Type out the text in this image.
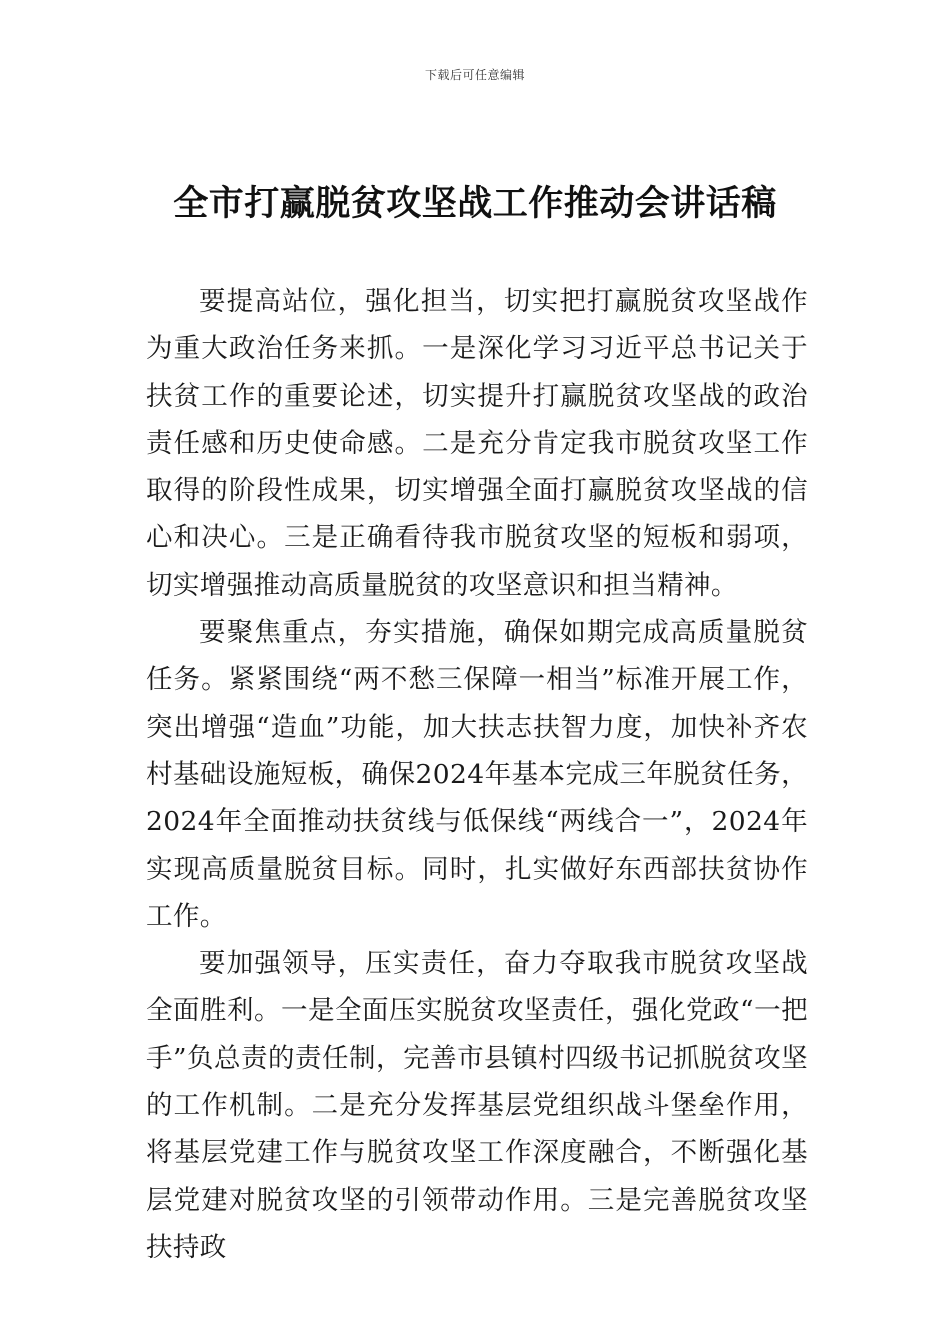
下载后可任意编辑
全市打赢脱贫攻坚战工作推动会讲话稿

要提高站位，强化担当，切实把打赢脱贫攻坚战作为重大政治任务来抓。一是深化学习习近平总书记关于扶贫工作的重要论述，切实提升打赢脱贫攻坚战的政治责任感和历史使命感。二是充分肯定我市脱贫攻坚工作取得的阶段性成果，切实增强全面打赢脱贫攻坚战的信心和决心。三是正确看待我市脱贫攻坚的短板和弱项，切实增强推动高质量脱贫的攻坚意识和担当精神。

要聚焦重点，夯实措施，确保如期完成高质量脱贫任务。紧紧围绕“两不愁三保障一相当”标准开展工作，突出增强“造血”功能，加大扶志扶智力度，加快补齐农村基础设施短板，确保2024年基本完成三年脱贫任务，2024年全面推动扶贫线与低保线“两线合一”，2024年实现高质量脱贫目标。同时，扎实做好东西部扶贫协作工作。

要加强领导，压实责任，奋力夺取我市脱贫攻坚战全面胜利。一是全面压实脱贫攻坚责任，强化党政“一把手”负总责的责任制，完善市县镇村四级书记抓脱贫攻坚的工作机制。二是充分发挥基层党组织战斗堡垒作用，将基层党建工作与脱贫攻坚工作深度融合，不断强化基层党建对脱贫攻坚的引领带动作用。三是完善脱贫攻坚扶持政
